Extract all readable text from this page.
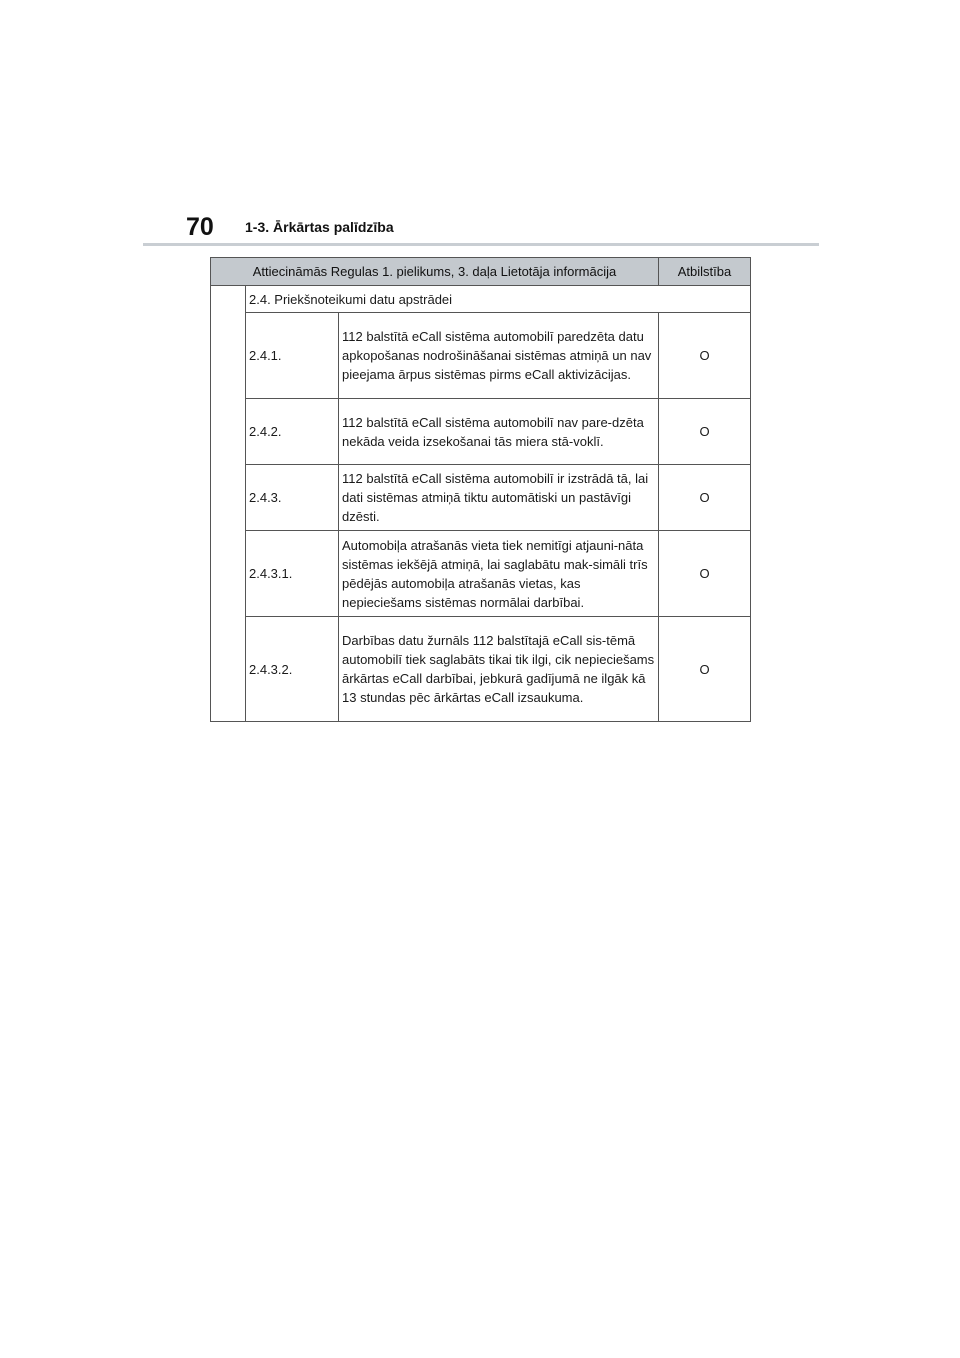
70 1-3. Ārkārtas palīdzība
Attiecināmās Regulas 1. pielikums, 3. daļa Lietotāja informācija			Atbilstība
	2.4. Priekšnoteikumi datu apstrādei		
	2.4.1.	112 balstītā eCall sistēma automobilī paredzēta datu apkopošanas nodrošināšanai sistēmas atmiņā un nav pieejama ārpus sistēmas pirms eCall aktivizācijas.	O
	2.4.2.	112 balstītā eCall sistēma automobilī nav pare-dzēta nekāda veida izsekošanai tās miera stā-voklī.	O
	2.4.3.	112 balstītā eCall sistēma automobilī ir izstrādā tā, lai dati sistēmas atmiņā tiktu automātiski un pastāvīgi dzēsti.	O
	2.4.3.1.	Automobiļa atrašanās vieta tiek nemitīgi atjauni-nāta sistēmas iekšējā atmiņā, lai saglabātu mak-simāli trīs pēdējās automobiļa atrašanās vietas, kas nepieciešams sistēmas normālai darbībai.	O
	2.4.3.2.	Darbības datu žurnāls 112 balstītajā eCall sis-tēmā automobilī tiek saglabāts tikai tik ilgi, cik nepieciešams ārkārtas eCall darbībai, jebkurā gadījumā ne ilgāk kā 13 stundas pēc ārkārtas eCall izsaukuma.	O
